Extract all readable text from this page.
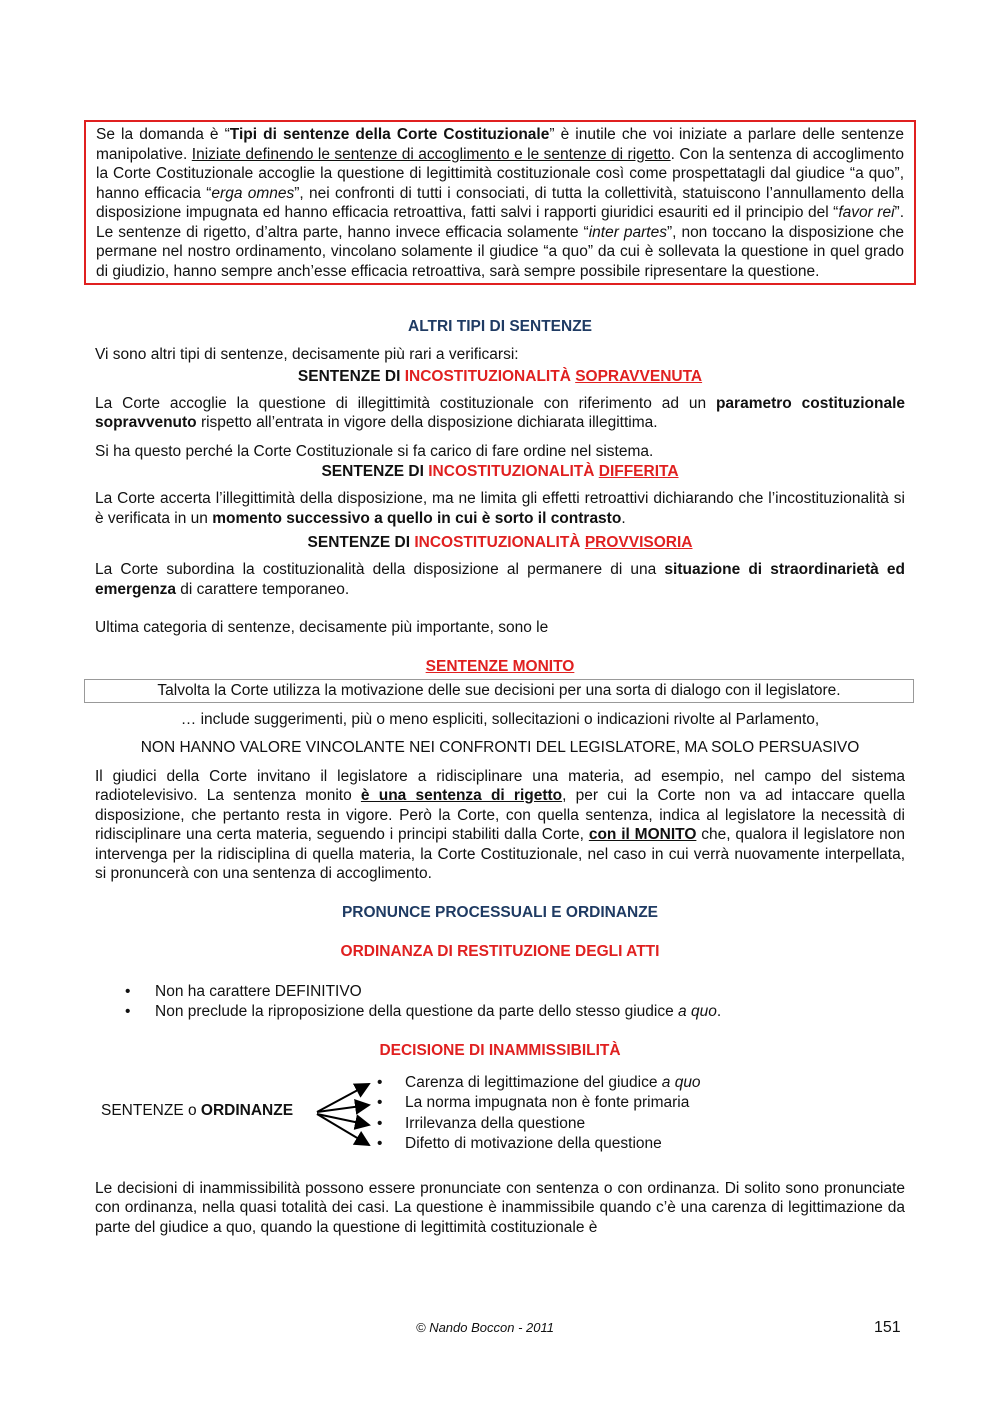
Se la domanda è “Tipi di sentenze della Corte Costituzionale” è inutile che voi iniziate a parlare delle sentenze manipolative. Iniziate definendo le sentenze di accoglimento e le sentenze di rigetto. Con la sentenza di accoglimento la Corte Costituzionale accoglie la questione di legittimità costituzionale così come prospettatagli dal giudice “a quo”, hanno efficacia “erga omnes”, nei confronti di tutti i consociati, di tutta la collettività, statuiscono l’annullamento della disposizione impugnata ed hanno efficacia retroattiva, fatti salvi i rapporti giuridici esauriti ed il principio del “favor rei”. Le sentenze di rigetto, d’altra parte, hanno invece efficacia solamente “inter partes”, non toccano la disposizione che permane nel nostro ordinamento, vincolano solamente il giudice “a quo” da cui è sollevata la questione in quel grado di giudizio, hanno sempre anch’esse efficacia retroattiva, sarà sempre possibile ripresentare la questione.

ALTRI TIPI DI SENTENZE

Vi sono altri tipi di sentenze, decisamente più rari a verificarsi:

SENTENZE DI INCOSTITUZIONALITÀ SOPRAVVENUTA

La Corte accoglie la questione di illegittimità costituzionale con riferimento ad un parametro costituzionale sopravvenuto rispetto all’entrata in vigore della disposizione dichiarata illegittima.

Si ha questo perché la Corte Costituzionale si fa carico di fare ordine nel sistema.

SENTENZE DI INCOSTITUZIONALITÀ DIFFERITA

La Corte accerta l’illegittimità della disposizione, ma ne limita gli effetti retroattivi dichiarando che l’incostituzionalità si è verificata in un momento successivo a quello in cui è sorto il contrasto.

SENTENZE DI INCOSTITUZIONALITÀ PROVVISORIA

La Corte subordina la costituzionalità della disposizione al permanere di una situazione di straordinarietà ed emergenza di carattere temporaneo.

Ultima categoria di sentenze, decisamente più importante, sono le

SENTENZE MONITO
Talvolta la Corte utilizza la motivazione delle sue decisioni per una sorta di dialogo con il legislatore.

… include suggerimenti, più o meno espliciti, sollecitazioni o indicazioni rivolte al Parlamento,

NON HANNO VALORE VINCOLANTE NEI CONFRONTI DEL LEGISLATORE, MA SOLO PERSUASIVO

Il giudici della Corte invitano il legislatore a ridisciplinare una materia, ad esempio, nel campo del sistema radiotelevisivo. La sentenza monito è una sentenza di rigetto, per cui la Corte non va ad intaccare quella disposizione, che pertanto resta in vigore. Però la Corte, con quella sentenza, indica al legislatore la necessità di ridisciplinare una certa materia, seguendo i principi stabiliti dalla Corte, con il MONITO che, qualora il legislatore non intervenga per la ridisciplina di quella materia, la Corte Costituzionale, nel caso in cui verrà nuovamente interpellata, si pronuncerà con una sentenza di accoglimento.

PRONUNCE PROCESSUALI E ORDINANZE
ORDINANZA DI RESTITUZIONE DEGLI ATTI
• Non ha carattere DEFINITIVO
• Non preclude la riproposizione della questione da parte dello stesso giudice a quo.
DECISIONE DI INAMMISSIBILITÀ
SENTENZE o ORDINANZE
• Carenza di legittimazione del giudice a quo
• La norma impugnata non è fonte primaria
• Irrilevanza della questione
• Difetto di motivazione della questione

Le decisioni di inammissibilità possono essere pronunciate con sentenza o con ordinanza. Di solito sono pronunciate con ordinanza, nella quasi totalità dei casi. La questione è inammissibile quando c’è una carenza di legittimazione da parte del giudice a quo, quando la questione di legittimità costituzionale è

© Nando Boccon - 2011	151
